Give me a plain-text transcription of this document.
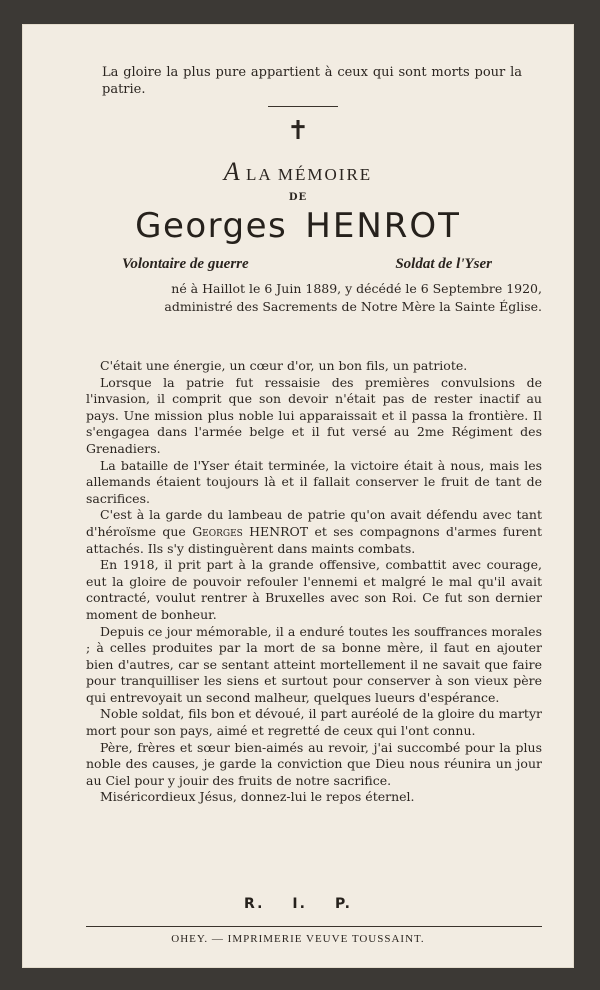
La gloire la plus pure appartient à ceux qui sont morts pour la patrie.
✝
A LA MÉMOIRE
DE
Georges HENROT
Volontaire de guerre	Soldat de l'Yser
né à Haillot le 6 Juin 1889, y décédé le 6 Septembre 1920,
administré des Sacrements de Notre Mère la Sainte Église.

C'était une énergie, un cœur d'or, un bon fils, un patriote.

Lorsque la patrie fut ressaisie des premières convulsions de l'invasion, il comprit que son devoir n'était pas de rester inactif au pays. Une mission plus noble lui apparaissait et il passa la frontière. Il s'engagea dans l'armée belge et il fut versé au 2me Régiment des Grenadiers.

La bataille de l'Yser était terminée, la victoire était à nous, mais les allemands étaient toujours là et il fallait conserver le fruit de tant de sacrifices.

C'est à la garde du lambeau de patrie qu'on avait défendu avec tant d'héroïsme que Georges HENROT et ses compagnons d'armes furent attachés. Ils s'y distinguèrent dans maints combats.

En 1918, il prit part à la grande offensive, combattit avec courage, eut la gloire de pouvoir refouler l'ennemi et malgré le mal qu'il avait contracté, voulut rentrer à Bruxelles avec son Roi. Ce fut son dernier moment de bonheur.

Depuis ce jour mémorable, il a enduré toutes les souffrances morales ; à celles produites par la mort de sa bonne mère, il faut en ajouter bien d'autres, car se sentant atteint mortellement il ne savait que faire pour tranquilliser les siens et surtout pour conserver à son vieux père qui entrevoyait un second malheur, quelques lueurs d'espérance.

Noble soldat, fils bon et dévoué, il part auréolé de la gloire du martyr mort pour son pays, aimé et regretté de ceux qui l'ont connu.

Père, frères et sœur bien-aimés au revoir, j'ai succombé pour la plus noble des causes, je garde la conviction que Dieu nous réunira un jour au Ciel pour y jouir des fruits de notre sacrifice.

Miséricordieux Jésus, donnez-lui le repos éternel.

R. I. P.
OHEY. — IMPRIMERIE VEUVE TOUSSAINT.
